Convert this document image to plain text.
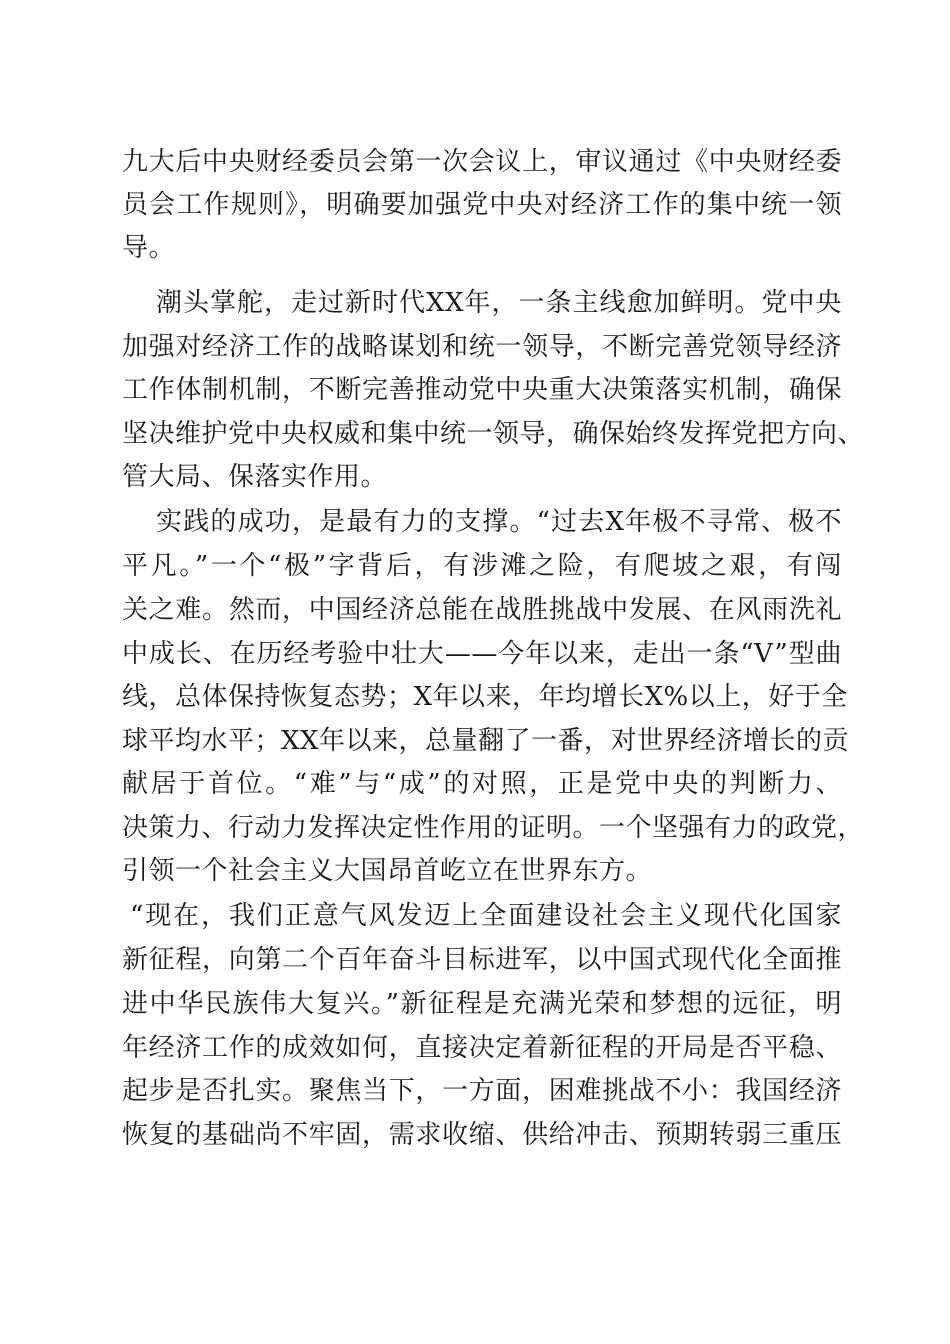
九大后中央财经委员会第一次会议上，审议通过《中央财经委
员会工作规则》，明确要加强党中央对经济工作的集中统一领
导。
潮头掌舵，走过新时代XX年，一条主线愈加鲜明。党中央
加强对经济工作的战略谋划和统一领导，不断完善党领导经济
工作体制机制，不断完善推动党中央重大决策落实机制，确保
坚决维护党中央权威和集中统一领导，确保始终发挥党把方向、
管大局、保落实作用。
实践的成功，是最有力的支撑。“过去X年极不寻常、极不
平凡。”一个“极”字背后，有涉滩之险，有爬坡之艰，有闯
关之难。然而，中国经济总能在战胜挑战中发展、在风雨洗礼
中成长、在历经考验中壮大——今年以来，走出一条“V”型曲
线，总体保持恢复态势；X年以来，年均增长X%以上，好于全
球平均水平；XX年以来，总量翻了一番，对世界经济增长的贡
献居于首位。“难”与“成”的对照，正是党中央的判断力、
决策力、行动力发挥决定性作用的证明。一个坚强有力的政党，
引领一个社会主义大国昂首屹立在世界东方。
“现在，我们正意气风发迈上全面建设社会主义现代化国家
新征程，向第二个百年奋斗目标进军，以中国式现代化全面推
进中华民族伟大复兴。”新征程是充满光荣和梦想的远征，明
年经济工作的成效如何，直接决定着新征程的开局是否平稳、
起步是否扎实。聚焦当下，一方面，困难挑战不小：我国经济
恢复的基础尚不牢固，需求收缩、供给冲击、预期转弱三重压
